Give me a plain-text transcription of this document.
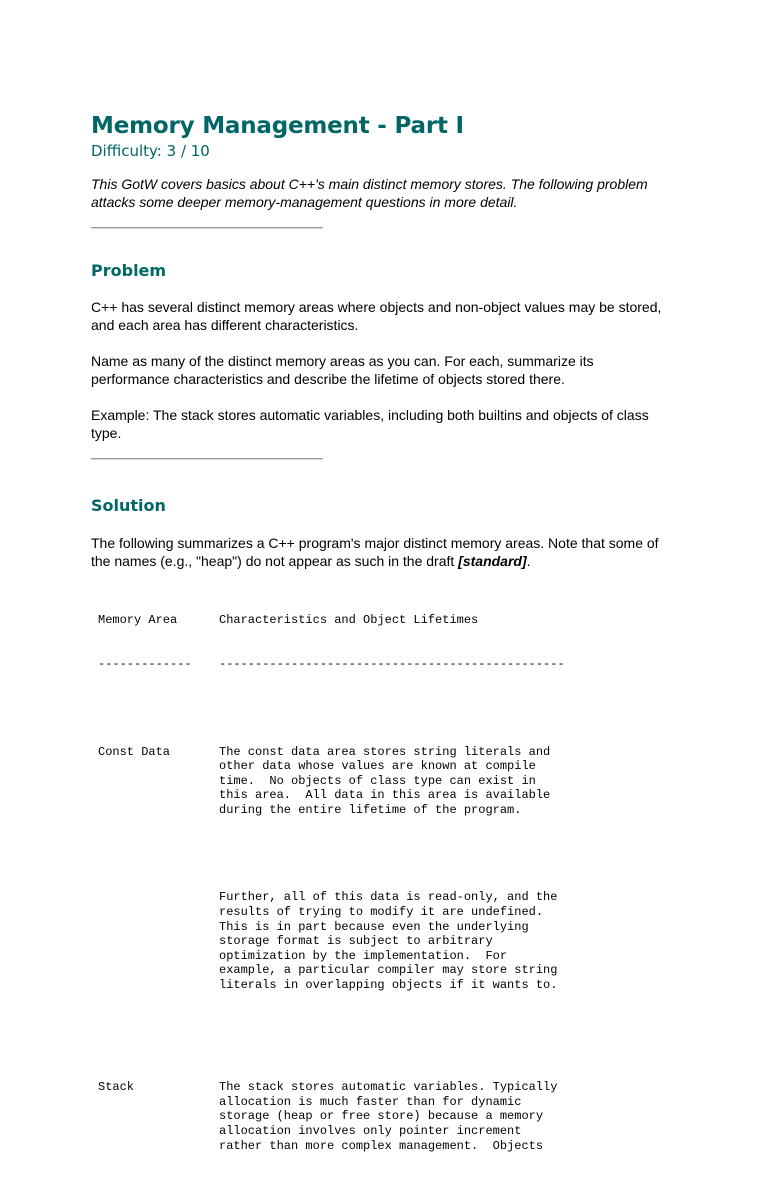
Memory Management - Part I
Difficulty: 3 / 10

This GotW covers basics about C++'s main distinct memory stores. The following problem attacks some deeper memory-management questions in more detail.

Problem

C++ has several distinct memory areas where objects and non-object values may be stored, and each area has different characteristics.

Name as many of the distinct memory areas as you can. For each, summarize its performance characteristics and describe the lifetime of objects stored there.

Example: The stack stores automatic variables, including both builtins and objects of class type.

Solution

The following summarizes a C++ program's major distinct memory areas. Note that some of the names (e.g., "heap") do not appear as such in the draft [standard].

Memory Area	Characteristics and Object Lifetimes

-------------	------------------------------------------------

Const Data	The const data area stores string literals and
other data whose values are known at compile
time.  No objects of class type can exist in
this area.  All data in this area is available
during the entire lifetime of the program.

Further, all of this data is read-only, and the
results of trying to modify it are undefined.
This is in part because even the underlying
storage format is subject to arbitrary
optimization by the implementation.  For
example, a particular compiler may store string
literals in overlapping objects if it wants to.

Stack	The stack stores automatic variables. Typically
allocation is much faster than for dynamic
storage (heap or free store) because a memory
allocation involves only pointer increment
rather than more complex management.  Objects
